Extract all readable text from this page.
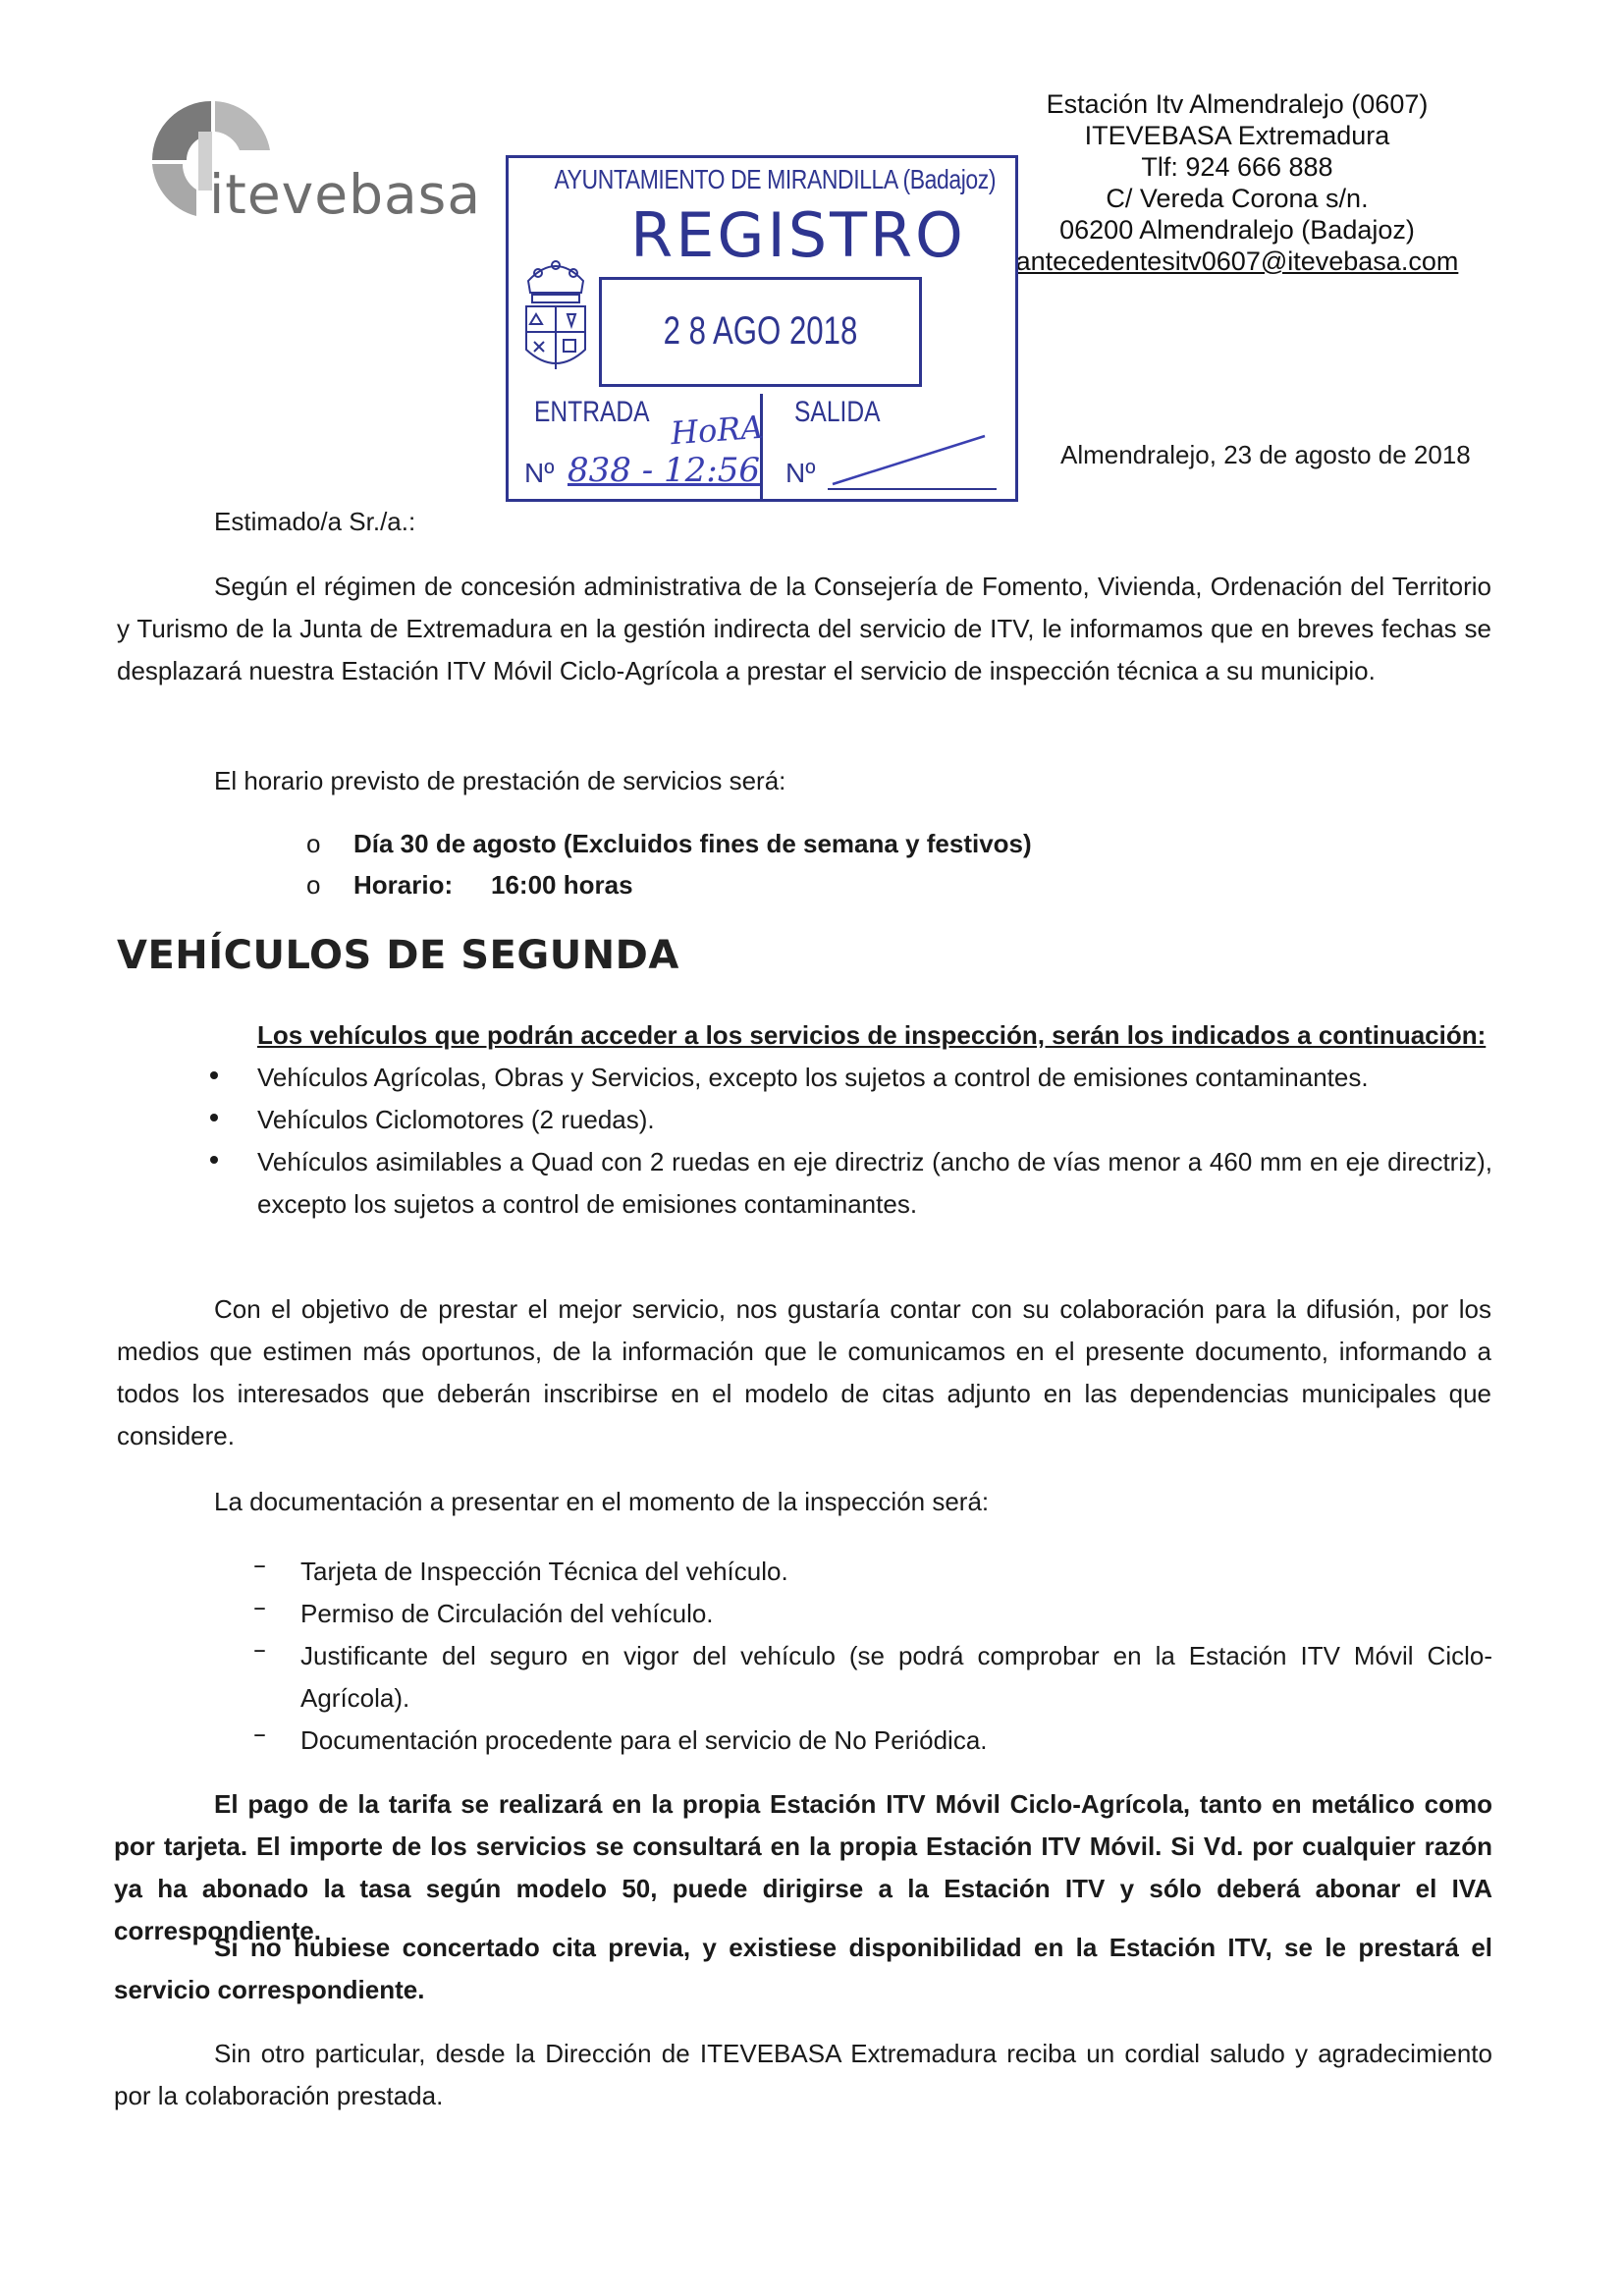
itevebasa
Estación Itv Almendralejo (0607)
ITEVEBASA Extremadura
Tlf: 924 666 888
C/ Vereda Corona s/n.
06200 Almendralejo (Badajoz)
antecedentesitv0607@itevebasa.com
AYUNTAMIENTO DE MIRANDILLA (Badajoz)
REGISTRO
2 8 AGO 2018
ENTRADA	SALIDA
Nº	Nº
HoRA
838 - 12:56	Almendralejo, 23 de agosto de 2018

Estimado/a Sr./a.:

Según el régimen de concesión administrativa de la Consejería de Fomento, Vivienda, Ordenación del Territorio y Turismo de la Junta de Extremadura en la gestión indirecta del servicio de ITV, le informamos que en breves fechas se desplazará nuestra Estación ITV Móvil Ciclo-Agrícola a prestar el servicio de inspección técnica a su municipio.

El horario previsto de prestación de servicios será:

o Día 30 de agosto (Excluidos fines de semana y festivos)
o Horario: 16:00 horas
VEHÍCULOS DE SEGUNDA
Los vehículos que podrán acceder a los servicios de inspección, serán los indicados a continuación:

Vehículos Agrícolas, Obras y Servicios, excepto los sujetos a control de emisiones contaminantes.

Vehículos Ciclomotores (2 ruedas).

Vehículos asimilables a Quad con 2 ruedas en eje directriz (ancho de vías menor a 460 mm en eje directriz), excepto los sujetos a control de emisiones contaminantes.

Con el objetivo de prestar el mejor servicio, nos gustaría contar con su colaboración para la difusión, por los medios que estimen más oportunos, de la información que le comunicamos en el presente documento, informando a todos los interesados que deberán inscribirse en el modelo de citas adjunto en las dependencias municipales que considere.

La documentación a presentar en el momento de la inspección será:

– Tarjeta de Inspección Técnica del vehículo.

– Permiso de Circulación del vehículo.

– Justificante del seguro en vigor del vehículo (se podrá comprobar en la Estación ITV Móvil Ciclo-Agrícola).

– Documentación procedente para el servicio de No Periódica.

El pago de la tarifa se realizará en la propia Estación ITV Móvil Ciclo-Agrícola, tanto en metálico como por tarjeta. El importe de los servicios se consultará en la propia Estación ITV Móvil. Si Vd. por cualquier razón ya ha abonado la tasa según modelo 50, puede dirigirse a la Estación ITV y sólo deberá abonar el IVA correspondiente.

Si no hubiese concertado cita previa, y existiese disponibilidad en la Estación ITV, se le prestará el servicio correspondiente.

Sin otro particular, desde la Dirección de ITEVEBASA Extremadura reciba un cordial saludo y agradecimiento por la colaboración prestada.
